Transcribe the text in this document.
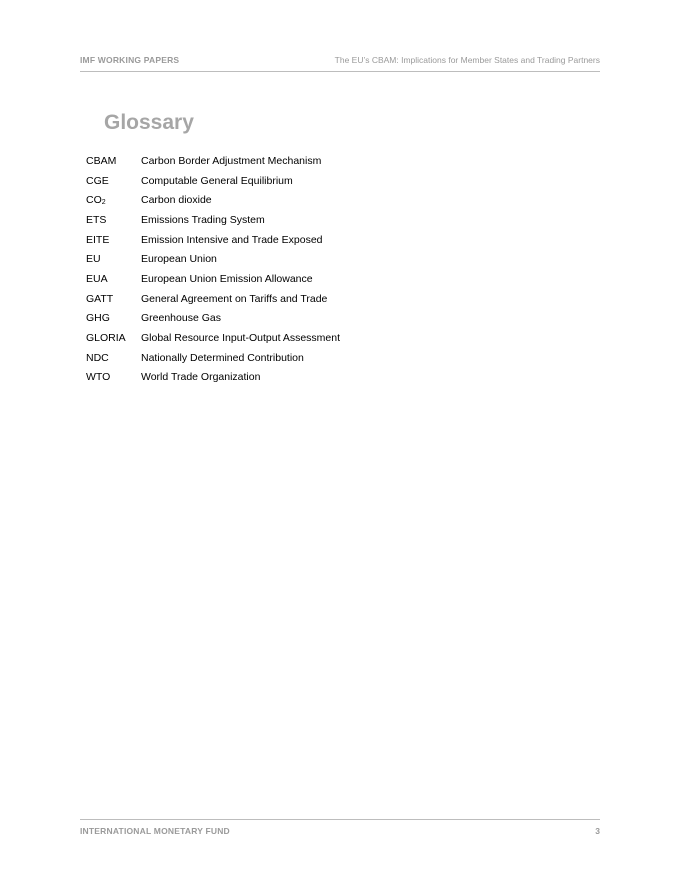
IMF WORKING PAPERS	The EU’s CBAM: Implications for Member States and Trading Partners
Glossary
CBAM	Carbon Border Adjustment Mechanism
CGE	Computable General Equilibrium
$CO_2$	Carbon dioxide
ETS	Emissions Trading System
EITE	Emission Intensive and Trade Exposed
EU	European Union
EUA	European Union Emission Allowance
GATT	General Agreement on Tariffs and Trade
GHG	Greenhouse Gas
GLORIA	Global Resource Input-Output Assessment
NDC	Nationally Determined Contribution
WTO	World Trade Organization
INTERNATIONAL MONETARY FUND	3
